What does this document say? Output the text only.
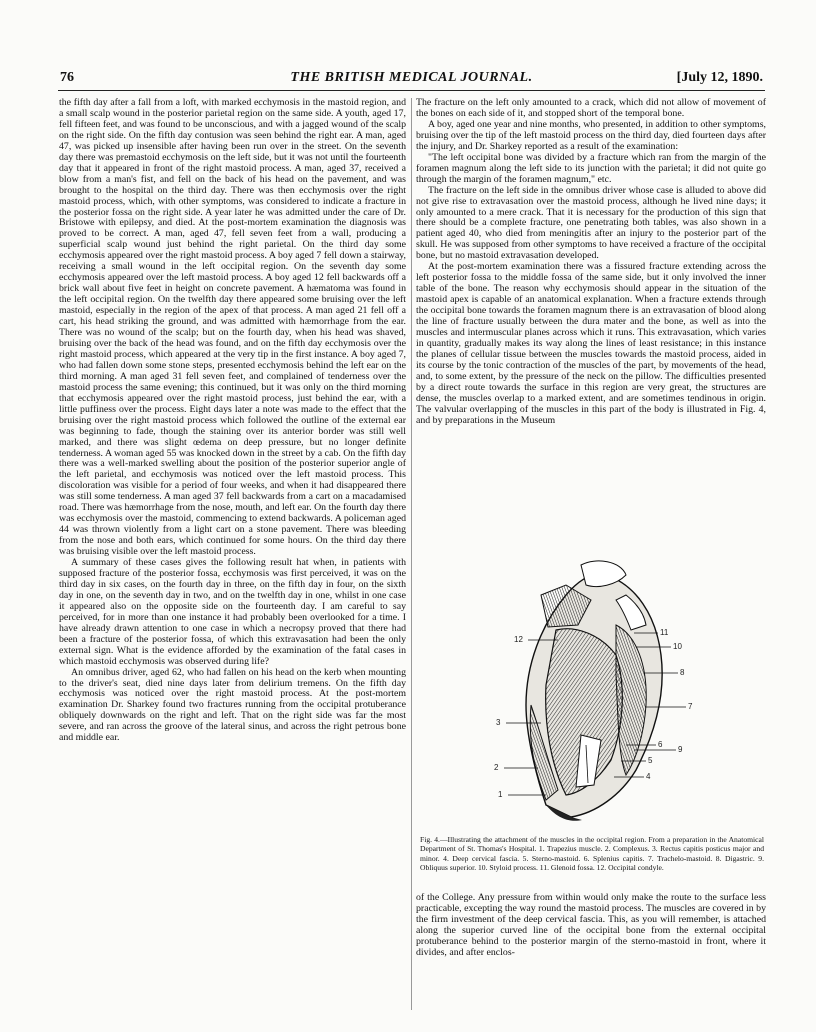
76	THE BRITISH MEDICAL JOURNAL.	[July 12, 1890.

the fifth day after a fall from a loft, with marked ecchymosis in the mastoid region, and a small scalp wound in the posterior parietal region on the same side. A youth, aged 17, fell fifteen feet, and was found to be unconscious, and with a jagged wound of the scalp on the right side. On the fifth day contusion was seen behind the right ear. A man, aged 47, was picked up insensible after having been run over in the street. On the seventh day there was premastoid ecchymosis on the left side, but it was not until the fourteenth day that it appeared in front of the right mastoid process. A man, aged 37, received a blow from a man's fist, and fell on the back of his head on the pavement, and was brought to the hospital on the third day. There was then ecchymosis over the right mastoid process, which, with other symptoms, was considered to indicate a fracture in the posterior fossa on the right side. A year later he was admitted under the care of Dr. Bristowe with epilepsy, and died. At the post-mortem examination the diagnosis was proved to be correct. A man, aged 47, fell seven feet from a wall, producing a superficial scalp wound just behind the right parietal. On the third day some ecchymosis appeared over the right mastoid process. A boy aged 7 fell down a stairway, receiving a small wound in the left occipital region. On the seventh day some ecchymosis appeared over the left mastoid process. A boy aged 12 fell backwards off a brick wall about five feet in height on concrete pavement. A hæmatoma was found in the left occipital region. On the twelfth day there appeared some bruising over the left mastoid, especially in the region of the apex of that process. A man aged 21 fell off a cart, his head striking the ground, and was admitted with hæmorrhage from the ear. There was no wound of the scalp; but on the fourth day, when his head was shaved, bruising over the back of the head was found, and on the fifth day ecchymosis over the right mastoid process, which appeared at the very tip in the first instance. A boy aged 7, who had fallen down some stone steps, presented ecchymosis behind the left ear on the third morning. A man aged 31 fell seven feet, and complained of tenderness over the mastoid process the same evening; this continued, but it was only on the third morning that ecchymosis appeared over the right mastoid process, just behind the ear, with a little puffiness over the process. Eight days later a note was made to the effect that the bruising over the right mastoid process which followed the outline of the external ear was beginning to fade, though the staining over its anterior border was still well marked, and there was slight œdema on deep pressure, but no longer definite tenderness. A woman aged 55 was knocked down in the street by a cab. On the fifth day there was a well-marked swelling about the position of the posterior superior angle of the left parietal, and ecchymosis was noticed over the left mastoid process. This discoloration was visible for a period of four weeks, and when it had disappeared there was still some tenderness. A man aged 37 fell backwards from a cart on a macadamised road. There was hæmorrhage from the nose, mouth, and left ear. On the fourth day there was ecchymosis over the mastoid, commencing to extend backwards. A policeman aged 44 was thrown violently from a light cart on a stone pavement. There was bleeding from the nose and both ears, which continued for some hours. On the third day there was bruising visible over the left mastoid process.

A summary of these cases gives the following result hat when, in patients with supposed fracture of the posterior fossa, ecchymosis was first perceived, it was on the third day in six cases, on the fourth day in three, on the fifth day in four, on the sixth day in one, on the seventh day in two, and on the twelfth day in one, whilst in one case it appeared also on the opposite side on the fourteenth day. I am careful to say perceived, for in more than one instance it had probably been overlooked for a time. I have already drawn attention to one case in which a necropsy proved that there had been a fracture of the posterior fossa, of which this extravasation had been the only external sign. What is the evidence afforded by the examination of the fatal cases in which mastoid ecchymosis was observed during life?

An omnibus driver, aged 62, who had fallen on his head on the kerb when mounting to the driver's seat, died nine days later from delirium tremens. On the fifth day ecchymosis was noticed over the right mastoid process. At the post-mortem examination Dr. Sharkey found two fractures running from the occipital protuberance obliquely downwards on the right and left. That on the right side was far the most severe, and ran across the groove of the lateral sinus, and across the right petrous bone and middle ear.

The fracture on the left only amounted to a crack, which did not allow of movement of the bones on each side of it, and stopped short of the temporal bone.

A boy, aged one year and nine months, who presented, in addition to other symptoms, bruising over the tip of the left mastoid process on the third day, died fourteen days after the injury, and Dr. Sharkey reported as a result of the examination:

"The left occipital bone was divided by a fracture which ran from the margin of the foramen magnum along the left side to its junction with the parietal; it did not quite go through the margin of the foramen magnum," etc.

The fracture on the left side in the omnibus driver whose case is alluded to above did not give rise to extravasation over the mastoid process, although he lived nine days; it only amounted to a mere crack. That it is necessary for the production of this sign that there should be a complete fracture, one penetrating both tables, was also shown in a patient aged 40, who died from meningitis after an injury to the posterior part of the skull. He was supposed from other symptoms to have received a fracture of the occipital bone, but no mastoid extravasation developed.

At the post-mortem examination there was a fissured fracture extending across the left posterior fossa to the middle fossa of the same side, but it only involved the inner table of the bone. The reason why ecchymosis should appear in the situation of the mastoid apex is capable of an anatomical explanation. When a fracture extends through the occipital bone towards the foramen magnum there is an extravasation of blood along the line of fracture usually between the dura mater and the bone, as well as into the muscles and intermuscular planes across which it runs. This extravasation, which varies in quantity, gradually makes its way along the lines of least resistance; in this instance the planes of cellular tissue between the muscles towards the mastoid process, aided in its course by the tonic contraction of the muscles of the part, by movements of the head, and, to some extent, by the pressure of the neck on the pillow. The difficulties presented by a direct route towards the surface in this region are very great, the structures are dense, the muscles overlap to a marked extent, and are sometimes tendinous in origin. The valvular overlapping of the muscles in this part of the body is illustrated in Fig. 4, and by preparations in the Museum

12
11
10
8
7
3
9
6
5
2
4
1

Fig. 4.—Illustrating the attachment of the muscles in the occipital region. From a preparation in the Anatomical Department of St. Thomas's Hospital. 1. Trapezius muscle. 2. Complexus. 3. Rectus capitis posticus major and minor. 4. Deep cervical fascia. 5. Sterno-mastoid. 6. Splenius capitis. 7. Trachelo-mastoid. 8. Digastric. 9. Obliquus superior. 10. Styloid process. 11. Glenoid fossa. 12. Occipital condyle.

of the College. Any pressure from within would only make the route to the surface less practicable, excepting the way round the mastoid process. The muscles are covered in by the firm investment of the deep cervical fascia. This, as you will remember, is attached along the superior curved line of the occipital bone from the external occipital protuberance behind to the posterior margin of the sterno-mastoid in front, where it divides, and after enclos-
